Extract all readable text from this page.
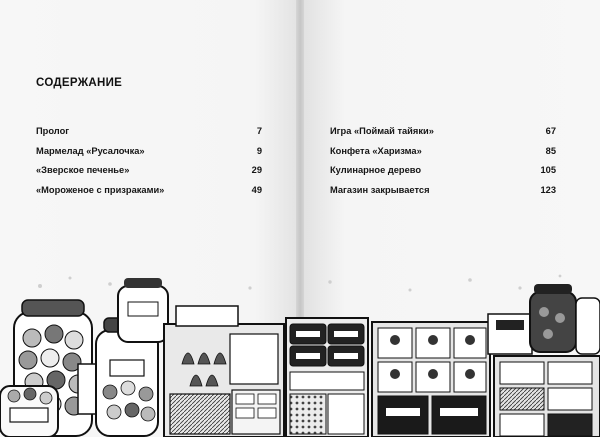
СОДЕРЖАНИЕ
Пролог	7
Мармелад «Русалочка»	9
«Зверское печенье»	29
«Мороженое с призраками»	49
Игра «Поймай тайяки»	67
Конфета «Харизма»	85
Кулинарное дерево	105
Магазин закрывается	123
